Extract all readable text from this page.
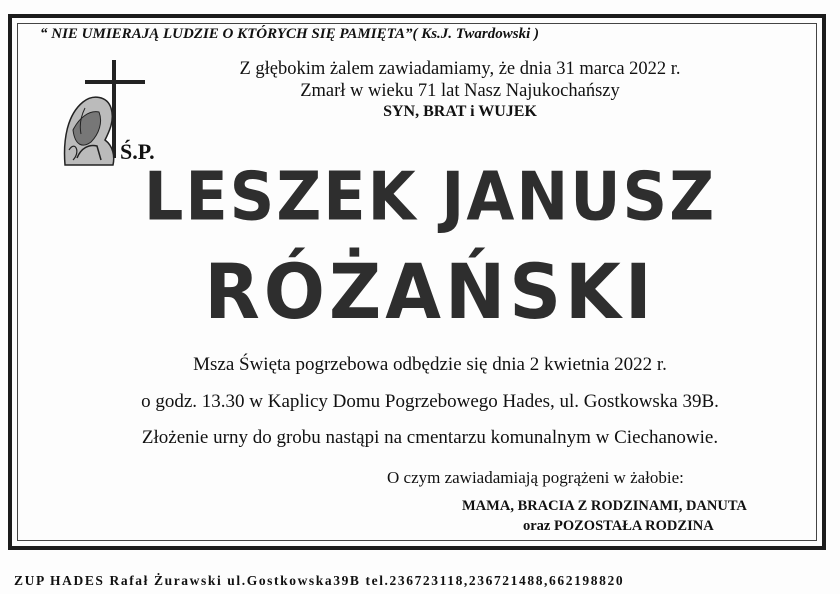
“ NIE UMIERAJĄ LUDZIE O KTÓRYCH SIĘ PAMIĘTA”( Ks.J. Twardowski )
Z głębokim żalem zawiadamiamy, że dnia 31 marca 2022 r.
Zmarł w wieku 71 lat Nasz Najukochańszy
SYN, BRAT i WUJEK
Ś.P.
LESZEK JANUSZ
RÓŻAŃSKI
Msza Święta pogrzebowa odbędzie się dnia 2 kwietnia 2022 r.
o godz. 13.30 w Kaplicy Domu Pogrzebowego Hades, ul. Gostkowska 39B.
Złożenie urny do grobu nastąpi na cmentarzu komunalnym w Ciechanowie.
O czym zawiadamiają pogrążeni w żałobie:
MAMA, BRACIA Z RODZINAMI, DANUTA
oraz POZOSTAŁA RODZINA
ZUP HADES Rafał Żurawski ul.Gostkowska39B tel.236723118,236721488,662198820
